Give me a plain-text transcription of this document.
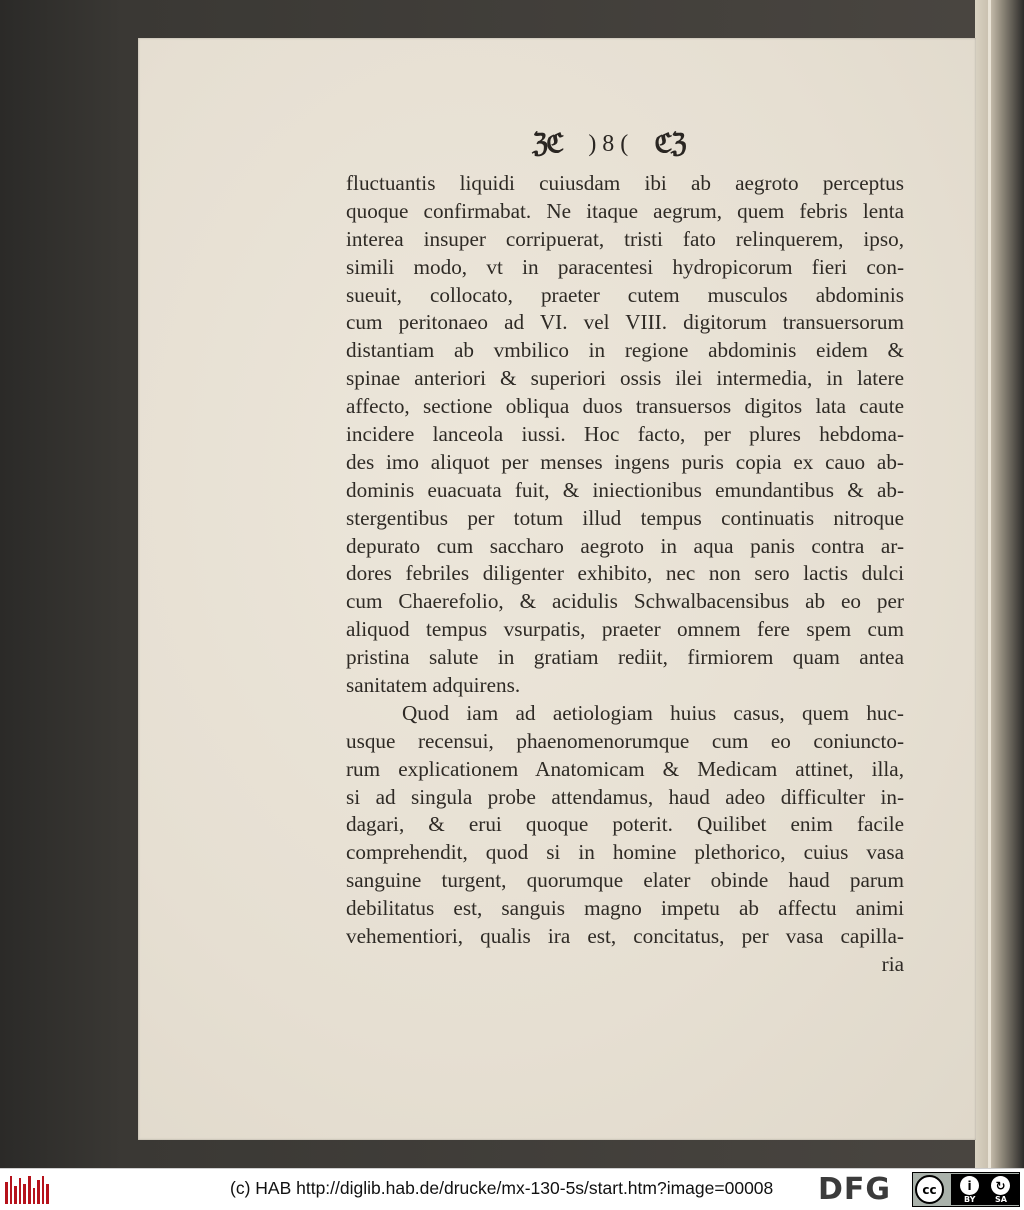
ℨℭ ) 8 ( ℭℨ
fluctuantis liquidi cuiusdam ibi ab aegroto perceptus
quoque confirmabat. Ne itaque aegrum, quem febris lenta
interea insuper corripuerat, tristi fato relinquerem, ipso,
simili modo, vt in paracentesi hydropicorum fieri con-
sueuit, collocato, praeter cutem musculos abdominis
cum peritonaeo ad VI. vel VIII. digitorum transuersorum
distantiam ab vmbilico in regione abdominis eidem &
spinae anteriori & superiori ossis ilei intermedia, in latere
affecto, sectione obliqua duos transuersos digitos lata caute
incidere lanceola iussi. Hoc facto, per plures hebdoma-
des imo aliquot per menses ingens puris copia ex cauo ab-
dominis euacuata fuit, & iniectionibus emundantibus & ab-
stergentibus per totum illud tempus continuatis nitroque
depurato cum saccharo aegroto in aqua panis contra ar-
dores febriles diligenter exhibito, nec non sero lactis dulci
cum Chaerefolio, & acidulis Schwalbacensibus ab eo per
aliquod tempus vsurpatis, praeter omnem fere spem cum
pristina salute in gratiam rediit, firmiorem quam antea
sanitatem adquirens.
Quod iam ad aetiologiam huius casus, quem huc-
usque recensui, phaenomenorumque cum eo coniuncto-
rum explicationem Anatomicam & Medicam attinet, illa,
si ad singula probe attendamus, haud adeo difficulter in-
dagari, & erui quoque poterit. Quilibet enim facile
comprehendit, quod si in homine plethorico, cuius vasa
sanguine turgent, quorumque elater obinde haud parum
debilitatus est, sanguis magno impetu ab affectu animi
vehementiori, qualis ira est, concitatus, per vasa capilla-
ria
(c) HAB http://diglib.hab.de/drucke/mx-130-5s/start.htm?image=00008 DFG	cc	i	↻
BY SA
